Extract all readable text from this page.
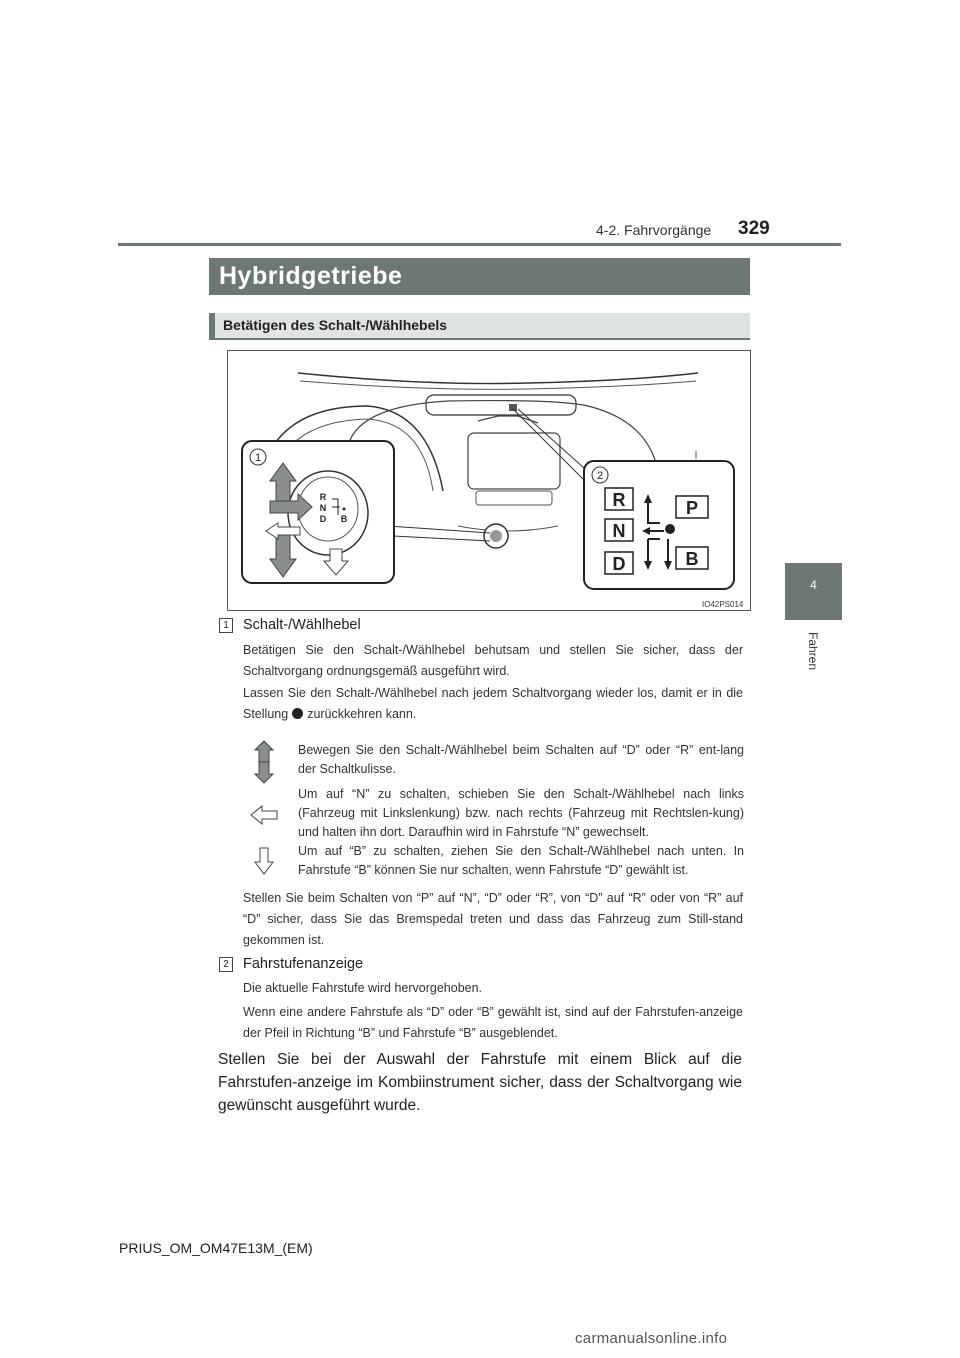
4-2. Fahrvorgänge 329
4
Fahren
Hybridgetriebe
Betätigen des Schalt-/Wählhebels
1
R
N
D B
2
R
N
D
P
B
IO42PS014
1 Schalt-/Wählhebel
Betätigen Sie den Schalt-/Wählhebel behutsam und stellen Sie sicher, dass der Schaltvorgang ordnungsgemäß ausgeführt wird.
Lassen Sie den Schalt-/Wählhebel nach jedem Schaltvorgang wieder los, damit er in die Stellung zurückkehren kann.
Bewegen Sie den Schalt-/Wählhebel beim Schalten auf “D” oder “R” ent-lang der Schaltkulisse.
Um auf “N” zu schalten, schieben Sie den Schalt-/Wählhebel nach links (Fahrzeug mit Linkslenkung) bzw. nach rechts (Fahrzeug mit Rechtslen-kung) und halten ihn dort. Daraufhin wird in Fahrstufe “N” gewechselt.
Um auf “B” zu schalten, ziehen Sie den Schalt-/Wählhebel nach unten. In Fahrstufe “B” können Sie nur schalten, wenn Fahrstufe “D” gewählt ist.
Stellen Sie beim Schalten von “P” auf “N”, “D” oder “R”, von “D” auf “R” oder von “R” auf “D” sicher, dass Sie das Bremspedal treten und dass das Fahrzeug zum Still-stand gekommen ist.
2 Fahrstufenanzeige
Die aktuelle Fahrstufe wird hervorgehoben.
Wenn eine andere Fahrstufe als “D” oder “B” gewählt ist, sind auf der Fahrstufen-anzeige der Pfeil in Richtung “B” und Fahrstufe “B” ausgeblendet.
Stellen Sie bei der Auswahl der Fahrstufe mit einem Blick auf die Fahrstufen-anzeige im Kombiinstrument sicher, dass der Schaltvorgang wie gewünscht ausgeführt wurde.
PRIUS_OM_OM47E13M_(EM)
carmanualsonline.info
